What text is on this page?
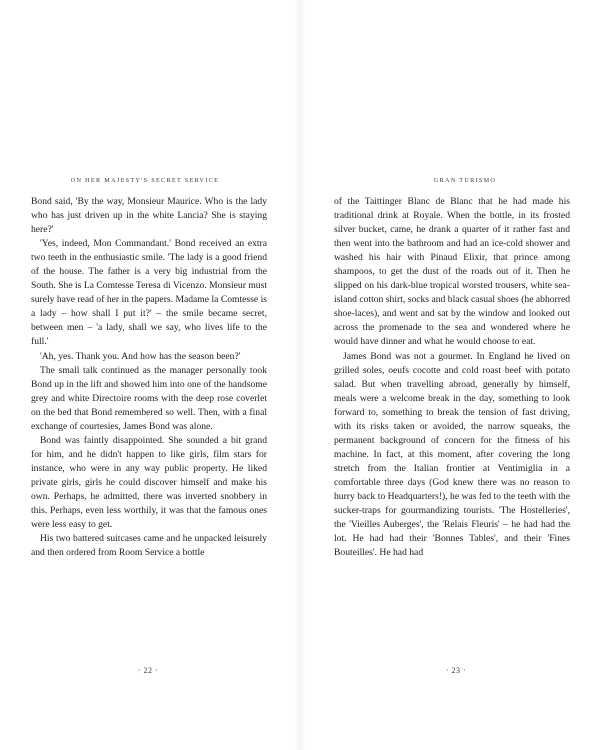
ON HER MAJESTY'S SECRET SERVICE

Bond said, 'By the way, Monsieur Maurice. Who is the lady who has just driven up in the white Lancia? She is staying here?'

'Yes, indeed, Mon Commandant.' Bond received an extra two teeth in the enthusiastic smile. 'The lady is a good friend of the house. The father is a very big industrial from the South. She is La Comtesse Teresa di Vicenzo. Monsieur must surely have read of her in the papers. Madame la Comtesse is a lady – how shall I put it?' – the smile became secret, between men – 'a lady, shall we say, who lives life to the full.'

'Ah, yes. Thank you. And how has the season been?'

The small talk continued as the manager personally took Bond up in the lift and showed him into one of the handsome grey and white Directoire rooms with the deep rose coverlet on the bed that Bond remembered so well. Then, with a final exchange of courtesies, James Bond was alone.

Bond was faintly disappointed. She sounded a bit grand for him, and he didn't happen to like girls, film stars for instance, who were in any way public property. He liked private girls, girls he could discover himself and make his own. Perhaps, he admitted, there was inverted snobbery in this. Perhaps, even less worthily, it was that the famous ones were less easy to get.

His two battered suitcases came and he unpacked leisurely and then ordered from Room Service a bottle

· 22 ·
GRAN TURISMO

of the Taittinger Blanc de Blanc that he had made his traditional drink at Royale. When the bottle, in its frosted silver bucket, came, he drank a quarter of it rather fast and then went into the bathroom and had an ice-cold shower and washed his hair with Pinaud Elixir, that prince among shampoos, to get the dust of the roads out of it. Then he slipped on his dark-blue tropical worsted trousers, white sea-island cotton shirt, socks and black casual shoes (he abhorred shoe-laces), and went and sat by the window and looked out across the promenade to the sea and wondered where he would have dinner and what he would choose to eat.

James Bond was not a gourmet. In England he lived on grilled soles, oeufs cocotte and cold roast beef with potato salad. But when travelling abroad, generally by himself, meals were a welcome break in the day, something to look forward to, something to break the tension of fast driving, with its risks taken or avoided, the narrow squeaks, the permanent background of concern for the fitness of his machine. In fact, at this moment, after covering the long stretch from the Italian frontier at Ventimiglia in a comfortable three days (God knew there was no reason to hurry back to Headquarters!), he was fed to the teeth with the sucker-traps for gourmandizing tourists. 'The Hostelleries', the 'Vieilles Auberges', the 'Relais Fleuris' – he had had the lot. He had had their 'Bonnes Tables', and their 'Fines Bouteilles'. He had had

· 23 ·
